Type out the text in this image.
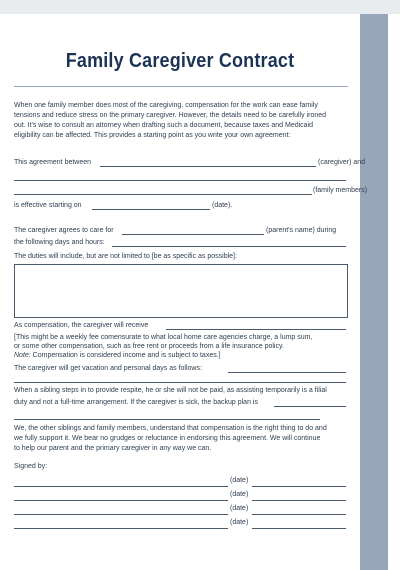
Family Caregiver Contract
When one family member does most of the caregiving, compensation for the work can ease family
tensions and reduce stress on the primary caregiver. However, the details need to be carefully ironed
out. It's wise to consult an attorney when drafting such a document, because taxes and Medicaid
eligibility can be affected. This provides a starting point as you write your own agreement:
This agreement between	(caregiver) and
(family members)
is effective starting on	(date).
The caregiver agrees to care for	(parent's name) during
the following days and hours:
The duties will include, but are not limited to [be as specific as possible]:
As compensation, the caregiver will receive
[This might be a weekly fee comensurate to what local home care agencies charge, a lump sum,
or some other compensation, such as free rent or proceeds from a life insurance policy.
Note: Compensation is considered income and is subject to taxes.]
The caregiver will get vacation and personal days as follows:
When a sibling steps in to provide respite, he or she will not be paid, as assisting temporarily is a filial
duty and not a full-time arrangement. If the caregiver is sick, the backup plan is
We, the other siblings and family members, understand that compensation is the right thing to do and
we fully support it. We bear no grudges or reluctance in endorsing this agreement. We will continue
to help our parent and the primary caregiver in any way we can.
Signed by:
(date)
(date)
(date)
(date)
